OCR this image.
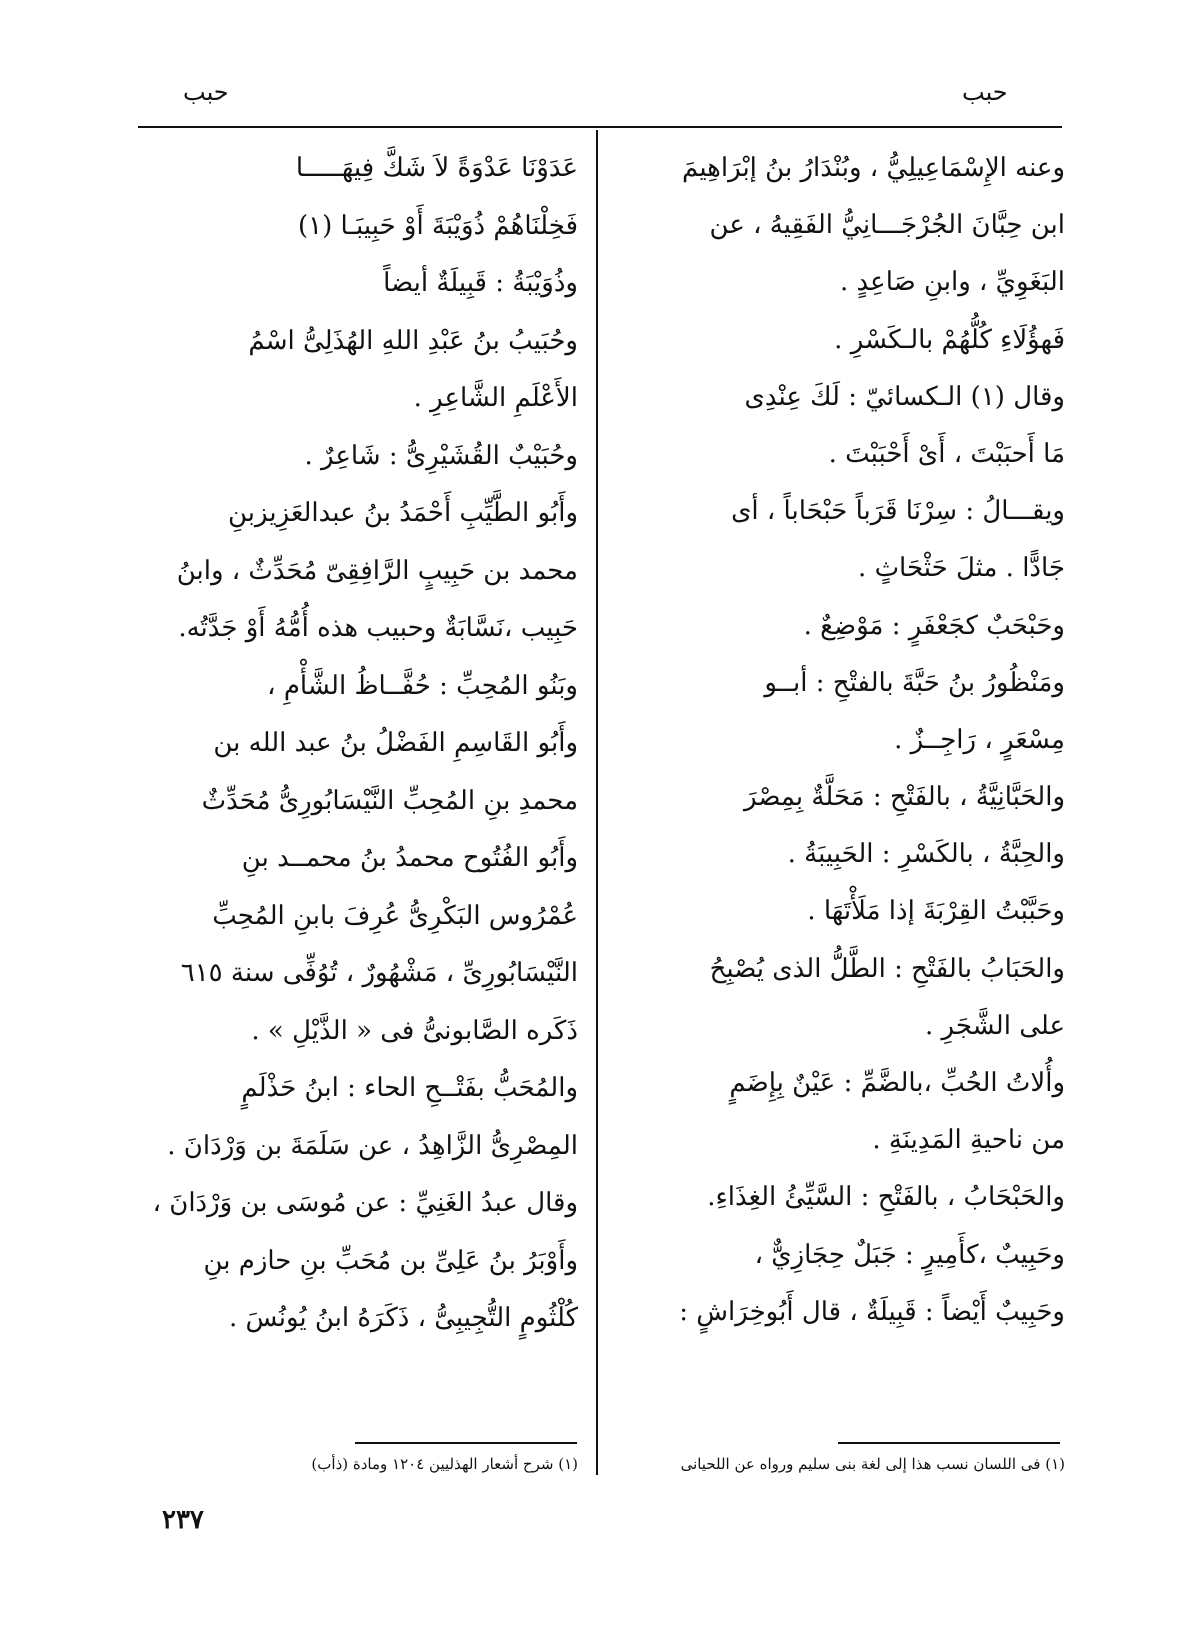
حبب
حبب
وعنه الإِسْمَاعِيلِيُّ ، وبُنْدَارُ بنُ إبْرَاهِيمَ
ابن حِبَّانَ الجُرْجَـــانِيُّ الفَقِيهُ ، عن
البَغَوِيِّ ، وابنِ صَاعِدٍ .
فَهؤُلَاءِ كُلُّهُمْ بالـكَسْرِ .
وقال (١) الـكسائيّ : لَكَ عِنْدِى
مَا أَحبَبْتَ ، أَىْ أَحْبَبْتَ .
ويقـــالُ : سِرْنَا قَرَباً حَبْحَاباً ، أى
جَادًّا . مثلَ حَثْحَاثٍ .
وحَبْحَبٌ كجَعْفَرٍ : مَوْضِعٌ .
ومَنْظُورُ بنُ حَبَّةَ بالفتْحِ : أبــو
مِسْعَرٍ ، رَاجِــزٌ .
والحَبَّانِيَّةُ ، بالفَتْحِ : مَحَلَّةٌ بِمِصْرَ
والحِبَّةُ ، بالكَسْرِ : الحَبِيبَةُ .
وحَبَّبْتُ القِرْبَةَ إذا مَلَأْتَهَا .
والحَبَابُ بالفَتْحِ : الطَّلُّ الذى يُصْبِحُ
على الشَّجَرِ .
وأُلاتُ الحُبِّ ،بالضَّمِّ : عَيْنٌ بِإِضَمٍ
من ناحيةِ المَدِينَةِ .
والحَبْحَابُ ، بالفَتْحِ : السَّيِّئُ الغِذَاءِ.
وحَبِيبٌ ،كأَمِيرٍ : جَبَلٌ حِجَازِيٌّ ،
وحَبِيبٌ أَيْضاً : قَبِيلَةٌ ، قال أَبُوخِرَاشٍ :
عَدَوْنَا عَدْوَةً لاَ شَكَّ فِيهَـــــا
فَخِلْنَاهُمْ ذُوَيْبَةَ أَوْ حَبِيبَـا (١)
وذُوَيْبَةُ : قَبِيلَةٌ أيضاً
وحُبَيبُ بنُ عَبْدِ اللهِ الهُذَلِىُّ اسْمُ
الأَعْلَمِ الشَّاعِرِ .
وحُبَيْبٌ القُشَيْرِىُّ : شَاعِرٌ .
وأَبُو الطَّيِّبِ أَحْمَدُ بنُ عبدالعَزِيزبنِ
محمد بن حَبِيبٍ الرَّافِقِىّ مُحَدِّثٌ ، وابنُ
حَبِيب ،نَسَّابَةٌ وحبيب هذه أُمُّهُ أَوْ جَدَّتُه.
وبَنُو المُحِبِّ : حُفَّــاظُ الشَّأْمِ ،
وأَبُو القَاسِمِ الفَضْلُ بنُ عبد الله بن
محمدِ بنِ المُحِبِّ النَّيْسَابُورِىُّ مُحَدِّثٌ
وأَبُو الفُتُوح محمدُ بنُ محمــد بنِ
عُمْرُوس البَكْرِىُّ عُرِفَ بابنِ المُحِبِّ
النَّيْسَابُورِىِّ ، مَشْهُورٌ ، تُوُفِّى سنة ٦١٥
ذَكَره الصَّابونىُّ فى « الذَّيْلِ » .
والمُحَبُّ بفَتْــحِ الحاء : ابنُ حَذْلَمٍ
المِصْرِىُّ الزَّاهِدُ ، عن سَلَمَةَ بن وَرْدَانَ .
وقال عبدُ الغَنِيِّ : عن مُوسَى بن وَرْدَانَ ،
وأَوْبَرُ بنُ عَلِىِّ بن مُحَبِّ بنِ حازم بنِ
كُلْثُومٍ التُّجِيبِىُّ ، ذَكَرَهُ ابنُ يُونُسَ .
(١) فى اللسان نسب هذا إلى لغة بنى سليم ورواه عن اللحيانى
(١) شرح أشعار الهذليين ١٢٠٤ ومادة (ذأب)
٢٣٧
